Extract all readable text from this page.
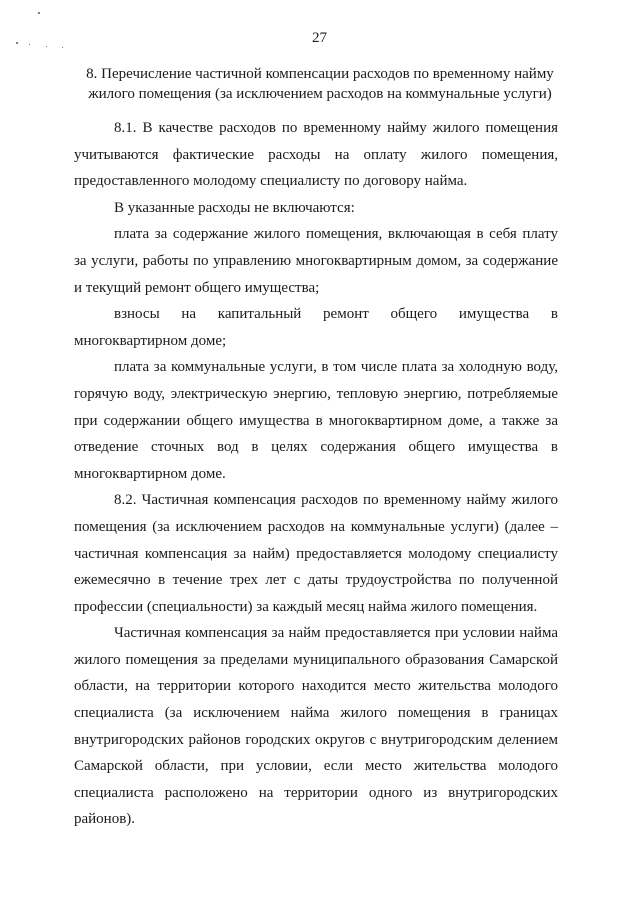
27
8. Перечисление частичной компенсации расходов по временному найму жилого помещения (за исключением расходов на коммунальные услуги)

8.1. В качестве расходов по временному найму жилого помещения учитываются фактические расходы на оплату жилого помещения, предоставленного молодому специалисту по договору найма.

В указанные расходы не включаются:

плата за содержание жилого помещения, включающая в себя плату за услуги, работы по управлению многоквартирным домом, за содержание и текущий ремонт общего имущества;

взносы на капитальный ремонт общего имущества в многоквартирном доме;

плата за коммунальные услуги, в том числе плата за холодную воду, горячую воду, электрическую энергию, тепловую энергию, потребляемые при содержании общего имущества в многоквартирном доме, а также за отведение сточных вод в целях содержания общего имущества в многоквартирном доме.

8.2. Частичная компенсация расходов по временному найму жилого помещения (за исключением расходов на коммунальные услуги) (далее – частичная компенсация за найм) предоставляется молодому специалисту ежемесячно в течение трех лет с даты трудоустройства по полученной профессии (специальности) за каждый месяц найма жилого помещения.

Частичная компенсация за найм предоставляется при условии найма жилого помещения за пределами муниципального образования Самарской области, на территории которого находится место жительства молодого специалиста (за исключением найма жилого помещения в границах внутригородских районов городских округов с внутригородским делением Самарской области, при условии, если место жительства молодого специалиста расположено на территории одного из внутригородских районов).
